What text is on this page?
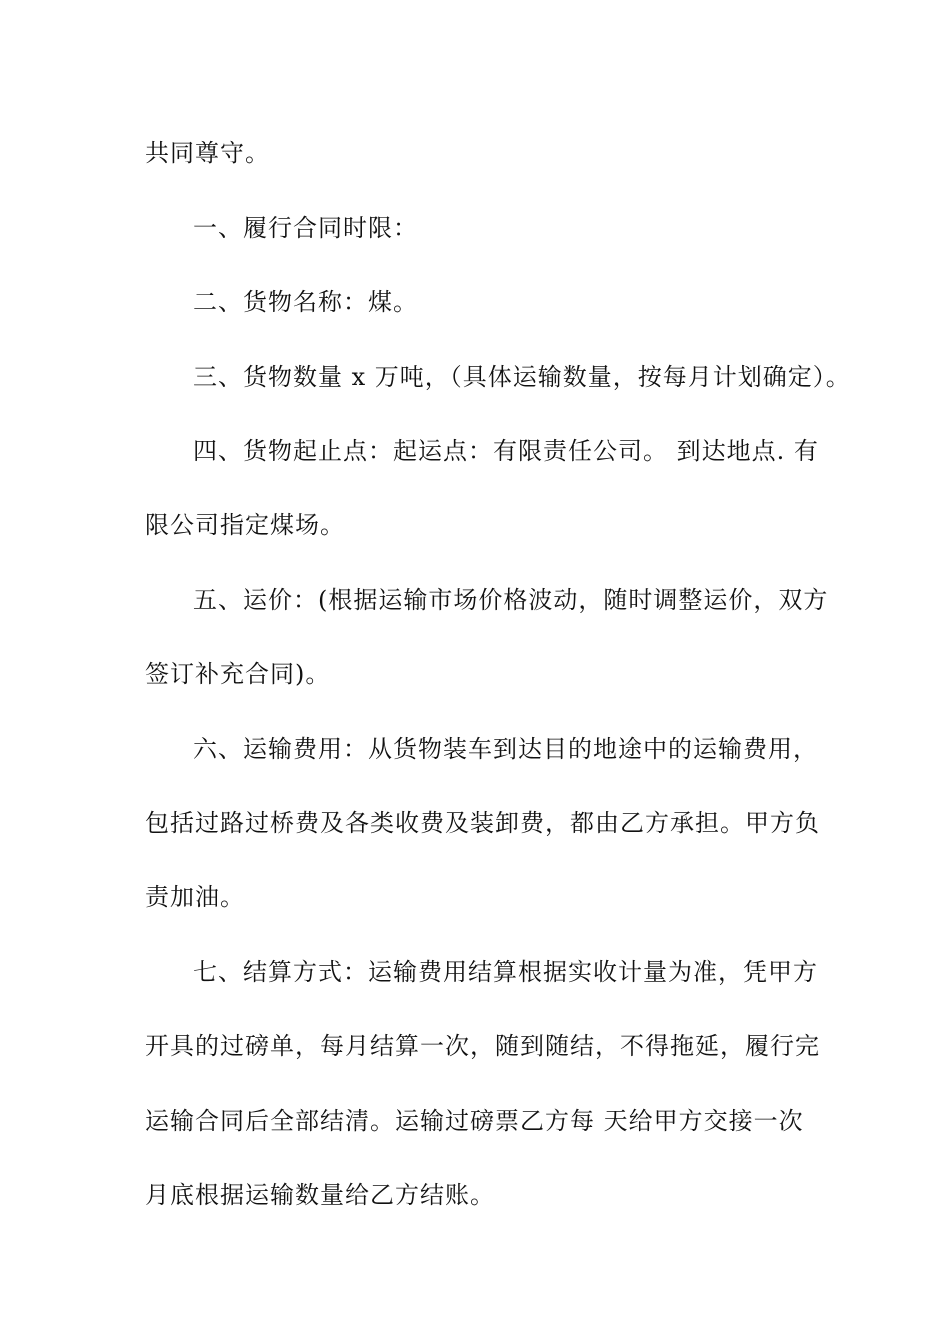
共同尊守。
一、履行合同时限：
二、货物名称：煤。
三、货物数量 x 万吨，（具体运输数量，按每月计划确定）。
四、货物起止点：起运点：有限责任公司。 到达地点. 有
限公司指定煤场。
五、运价：(根据运输市场价格波动，随时调整运价，双方
签订补充合同)。
六、运输费用：从货物装车到达目的地途中的运输费用，
包括过路过桥费及各类收费及装卸费，都由乙方承担。甲方负
责加油。
七、结算方式：运输费用结算根据实收计量为准，凭甲方
开具的过磅单，每月结算一次，随到随结，不得拖延，履行完
运输合同后全部结清。运输过磅票乙方每 天给甲方交接一次
月底根据运输数量给乙方结账。
